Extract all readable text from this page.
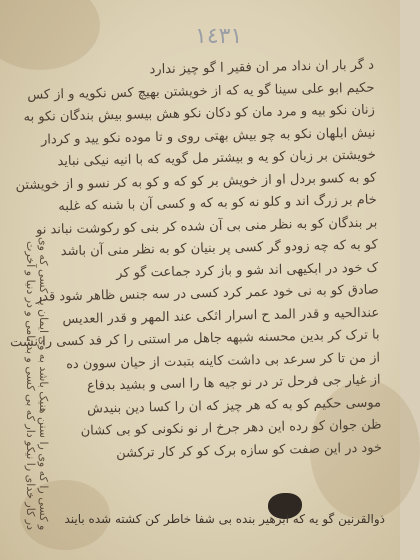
١٤٣١
و کسی را که وی را سنن هنیک باشد به وی ایمان بد کسی که وی
در کار خدای را نیکو دار که بی کسی و بد نامی و در دنیا و آخرت
د گر بار ان نداد مر ان فقیر ا گو چیز ندارد
حکیم ابو علی سینا گو یه که از خویشتن بهیچ کس نکویه و از کس
زنان نکو بیه و مرد مان کو دکان نکو هش بیسو بیش بندگان نکو به
نیش ابلهان نکو به چو بیش بهتی روی و تا موده نکو یید و کردار
خویشتن بر زبان کو یه و بیشتر مل گویه که با انیه نیکی نباید
کو به کسو بردل او از خویش بر کو که و کو به کر نسو و از خویشتن
خام بر زرگ اند و کلو نه کو به که و کسی آن با شنه که غلبه
بر بندگان کو به نظر منی بی آن شده کر بنی کو رکوشت نباند نو
کو به که چه زودو گر کسی پر بنیان کو به نظر منی آن باشد
ک خود در ابکیهی اند شو و باز کرد جماعت گو کر
صادق کو به نی خود عمر کرد کسی در سه جنس ظاهر شود قدر
عندالحیه و قدر المد ح اسرار اثکی عند المهر و قدر العدیس
با ترک کر بدین محسنه شبهه جاهل مر استنی را کر فد کسی را نشت
از من تا کر سرعد بی داشت کاینه بتبدت از حیان سوون ده
از غیار جی فرحل تر در نو جیه ها را اسی و بشید بدفاع
موسی حکیم کو به که هر چیز که ان را کسا دین بنیدش
ظن جوان کو رده این دهر جرخ ار نو نکونی کو بی کشان
خود در این صفت کو سازه برک کو کر کار ترکشن
ذوالقرنین گو یه که ابرهیر بنده بی شفا خاطر کن کشته شده بایند
